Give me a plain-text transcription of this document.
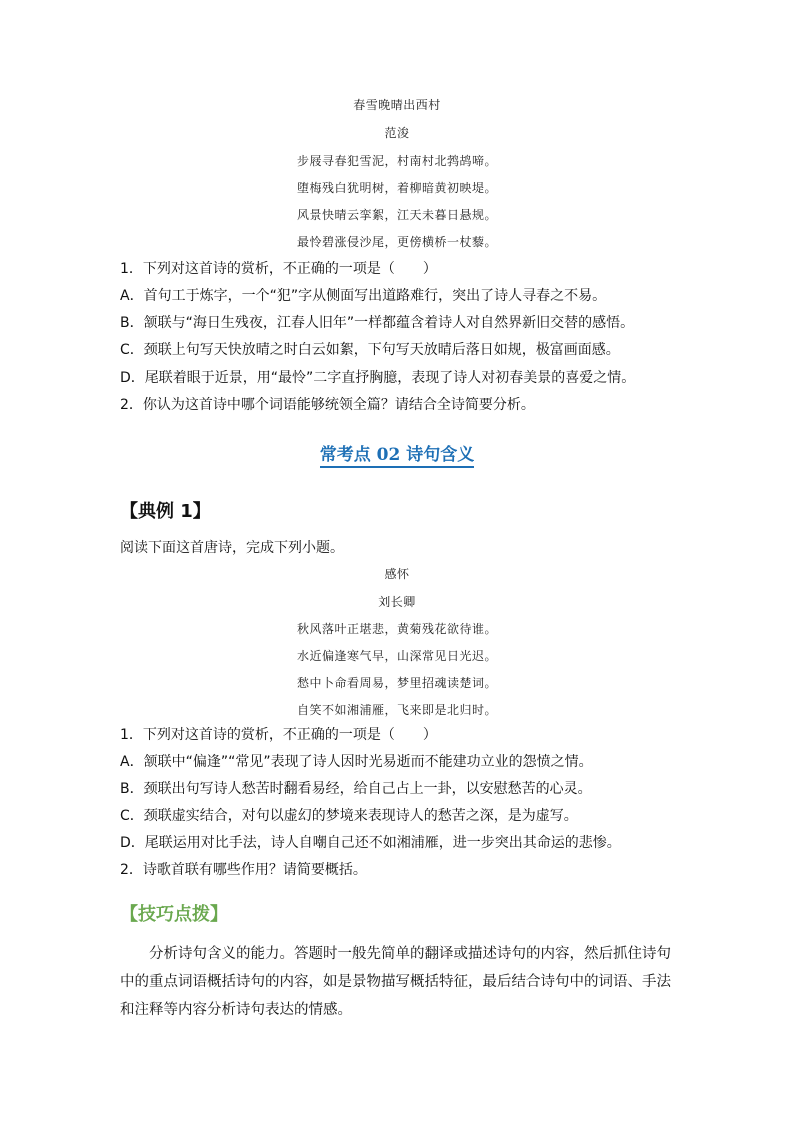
春雪晚晴出西村
范浚
步屐寻春犯雪泥，村南村北鹁鸪啼。
堕梅残白犹明树，着柳暗黄初映堤。
风景快晴云挛絮，江天未暮日悬规。
最怜碧涨侵沙尾，更傍横桥一杖藜。
1．下列对这首诗的赏析，不正确的一项是（　　）
A．首句工于炼字，一个“犯”字从侧面写出道路难行，突出了诗人寻春之不易。
B．颔联与“海日生残夜，江春人旧年”一样都蕴含着诗人对自然界新旧交替的感悟。
C．颈联上句写天快放晴之时白云如絮，下句写天放晴后落日如规，极富画面感。
D．尾联着眼于近景，用“最怜”二字直抒胸臆，表现了诗人对初春美景的喜爱之情。
2．你认为这首诗中哪个词语能够统领全篇？请结合全诗简要分析。
常考点 02 诗句含义
【典例 1】
阅读下面这首唐诗，完成下列小题。
感怀
刘长卿
秋风落叶正堪悲，黄菊残花欲待谁。
水近偏逢寒气早，山深常见日光迟。
愁中卜命看周易，梦里招魂读楚词。
自笑不如湘浦雁，飞来即是北归时。
1．下列对这首诗的赏析，不正确的一项是（　　）
A．颔联中“偏逢”“常见”表现了诗人因时光易逝而不能建功立业的怨愤之情。
B．颈联出句写诗人愁苦时翻看易经，给自己占上一卦，以安慰愁苦的心灵。
C．颈联虚实结合，对句以虚幻的梦境来表现诗人的愁苦之深，是为虚写。
D．尾联运用对比手法，诗人自嘲自己还不如湘浦雁，进一步突出其命运的悲惨。
2．诗歌首联有哪些作用？请简要概括。
【技巧点拨】
分析诗句含义的能力。答题时一般先简单的翻译或描述诗句的内容，然后抓住诗句中的重点词语概括诗句的内容，如是景物描写概括特征，最后结合诗句中的词语、手法和注释等内容分析诗句表达的情感。
